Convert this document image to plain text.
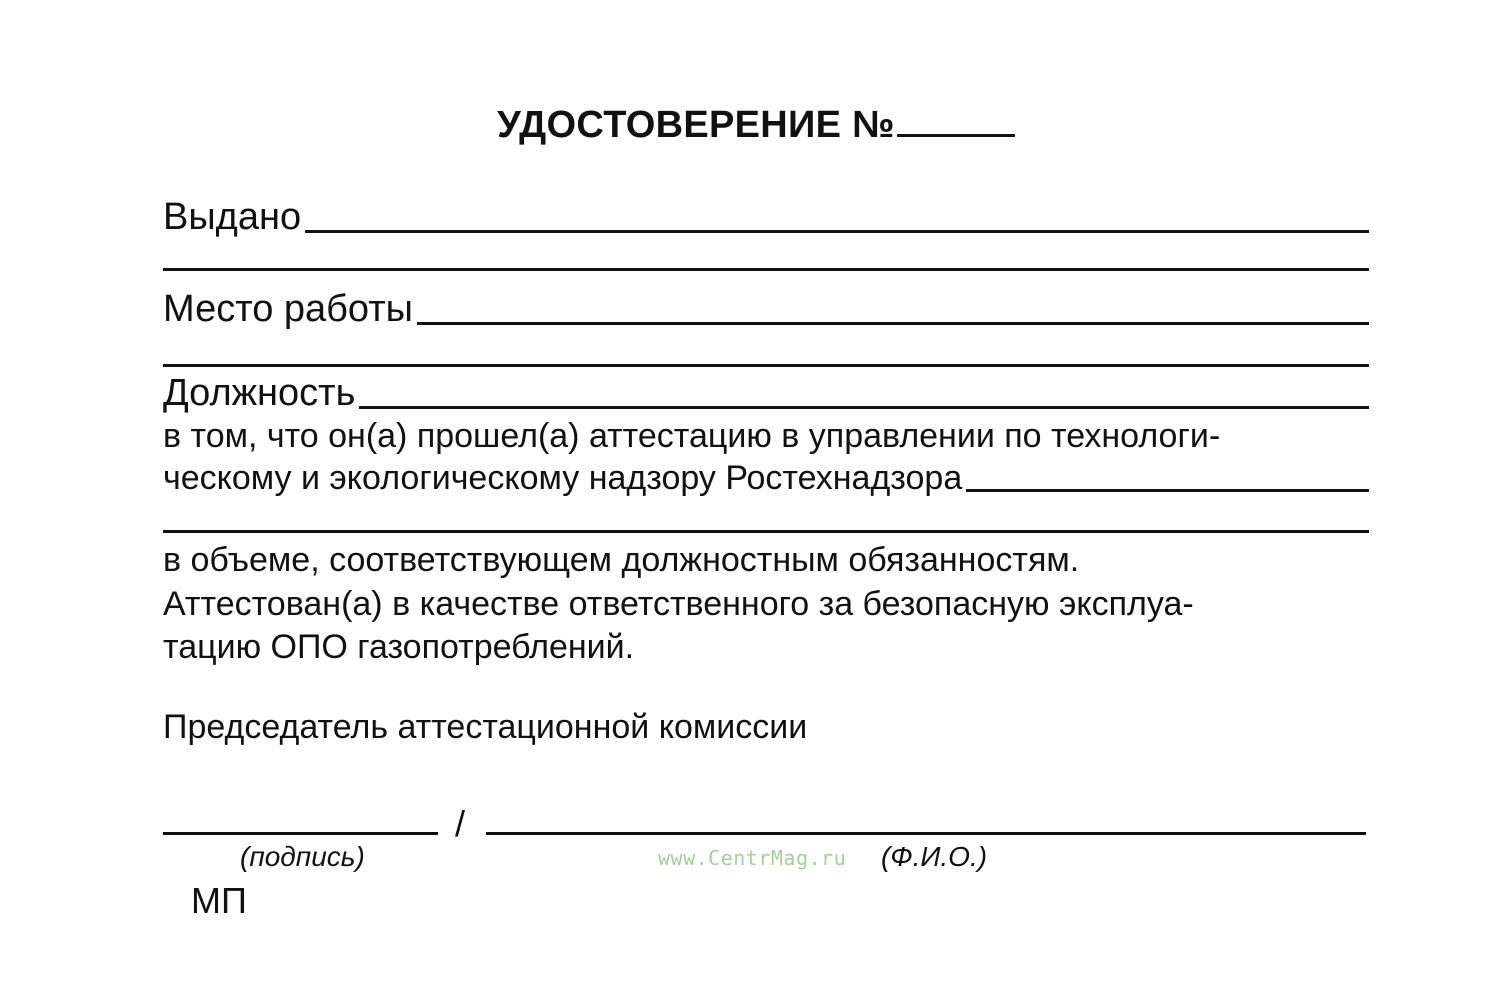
УДОСТОВЕРЕНИЕ №
Выдано
Место работы
Должность
в том, что он(а) прошел(а) аттестацию в управлении по технологи-
ческому и экологическому надзору Ростехнадзора
в объеме, соответствующем должностным обязанностям.
Аттестован(а) в качестве ответственного за безопасную эксплуа-
тацию ОПО газопотреблений.
Председатель аттестационной комиссии
/
(подпись)	www.CentrMag.ru (Ф.И.О.)
МП
